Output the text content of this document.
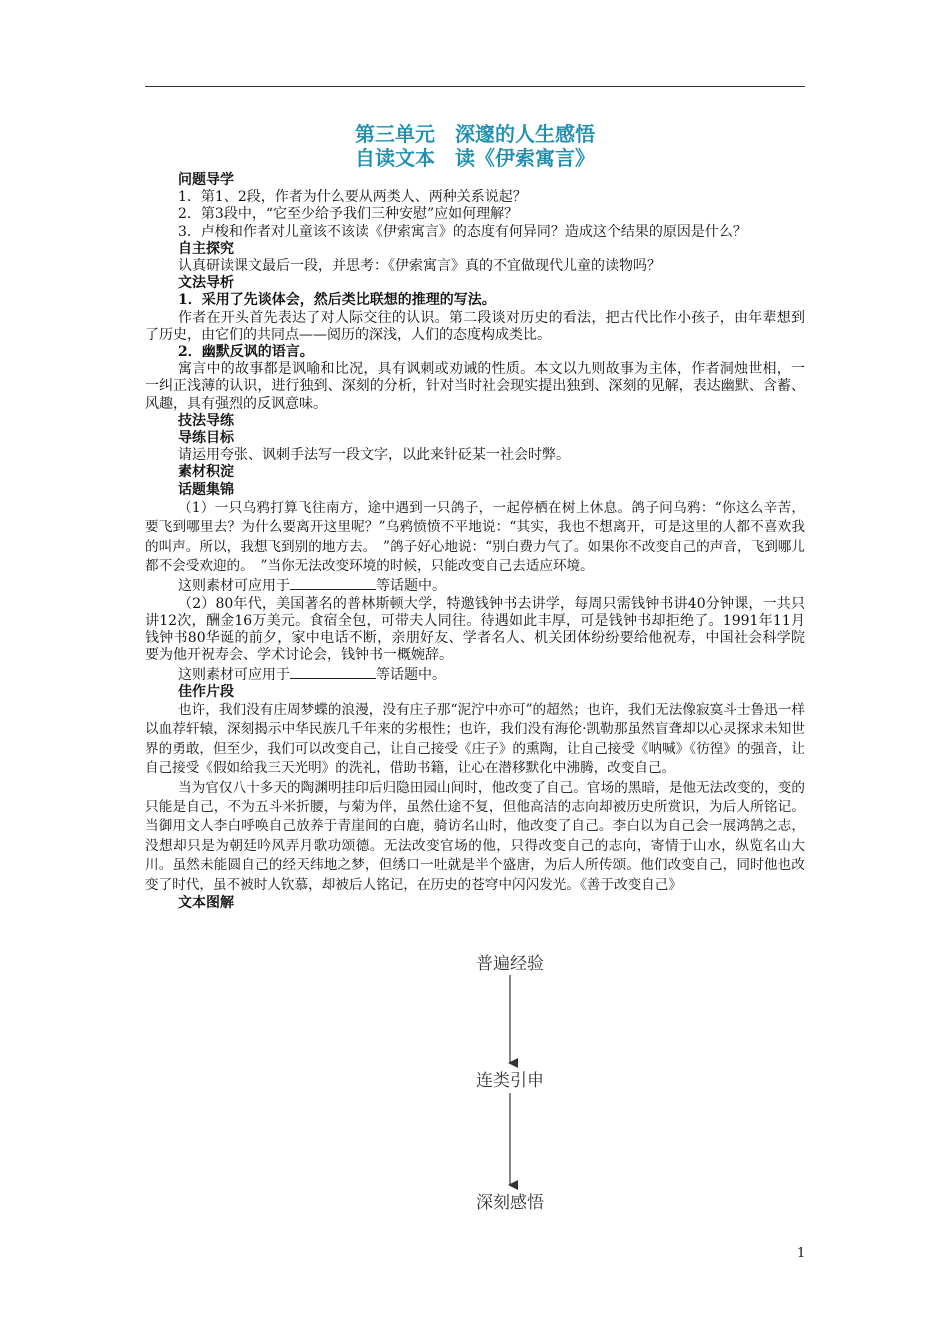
第三单元　深邃的人生感悟
自读文本　读《伊索寓言》

问题导学

1．第1、2段，作者为什么要从两类人、两种关系说起？

2．第3段中，“它至少给予我们三种安慰”应如何理解？

3．卢梭和作者对儿童该不该读《伊索寓言》的态度有何异同？造成这个结果的原因是什么？

自主探究

认真研读课文最后一段，并思考：《伊索寓言》真的不宜做现代儿童的读物吗？

文法导析

1．采用了先谈体会，然后类比联想的推理的写法。

作者在开头首先表达了对人际交往的认识。第二段谈对历史的看法，把古代比作小孩子，由年辈想到了历史，由它们的共同点——阅历的深浅，人们的态度构成类比。

2．幽默反讽的语言。

寓言中的故事都是讽喻和比况，具有讽刺或劝诫的性质。本文以九则故事为主体，作者洞烛世相，一一纠正浅薄的认识，进行独到、深刻的分析，针对当时社会现实提出独到、深刻的见解，表达幽默、含蓄、风趣，具有强烈的反讽意味。

技法导练

导练目标

请运用夸张、讽刺手法写一段文字，以此来针砭某一社会时弊。

素材积淀

话题集锦

（1）一只乌鸦打算飞往南方，途中遇到一只鸽子，一起停栖在树上休息。鸽子问乌鸦：“你这么辛苦，要飞到哪里去？为什么要离开这里呢？”乌鸦愤愤不平地说：“其实，我也不想离开，可是这里的人都不喜欢我的叫声。所以，我想飞到别的地方去。　”鸽子好心地说：“别白费力气了。如果你不改变自己的声音，飞到哪儿都不会受欢迎的。　”当你无法改变环境的时候，只能改变自己去适应环境。

这则素材可应用于	等话题中。

（2）80年代，美国著名的普林斯顿大学，特邀钱钟书去讲学，每周只需钱钟书讲40分钟课，一共只讲12次，酬金16万美元。食宿全包，可带夫人同往。待遇如此丰厚，可是钱钟书却拒绝了。1991年11月钱钟书80华诞的前夕，家中电话不断，亲朋好友、学者名人、机关团体纷纷要给他祝寿，中国社会科学院要为他开祝寿会、学术讨论会，钱钟书一概婉辞。

这则素材可应用于	等话题中。

佳作片段

也许，我们没有庄周梦蝶的浪漫，没有庄子那“泥泞中亦可”的超然；也许，我们无法像寂寞斗士鲁迅一样以血荐轩辕，深刻揭示中华民族几千年来的劣根性；也许，我们没有海伦·凯勒那虽然盲聋却以心灵探求未知世界的勇敢，但至少，我们可以改变自己，让自己接受《庄子》的熏陶，让自己接受《呐喊》《彷徨》的强音，让自己接受《假如给我三天光明》的洗礼，借助书籍，让心在潜移默化中沸腾，改变自己。

当为官仅八十多天的陶渊明挂印后归隐田园山间时，他改变了自己。官场的黑暗，是他无法改变的，变的只能是自己，不为五斗米折腰，与菊为伴，虽然仕途不复，但他高洁的志向却被历史所赏识，为后人所铭记。当御用文人李白呼唤自己放养于青崖间的白鹿，骑访名山时，他改变了自己。李白以为自己会一展鸿鹄之志，没想却只是为朝廷吟风弄月歌功颂德。无法改变官场的他，只得改变自己的志向，寄情于山水，纵览名山大川。虽然未能圆自己的经天纬地之梦，但绣口一吐就是半个盛唐，为后人所传颂。他们改变自己，同时他也改变了时代，虽不被时人钦慕，却被后人铭记，在历史的苍穹中闪闪发光。《善于改变自己》

文本图解

普遍经验
连类引申
深刻感悟
1
